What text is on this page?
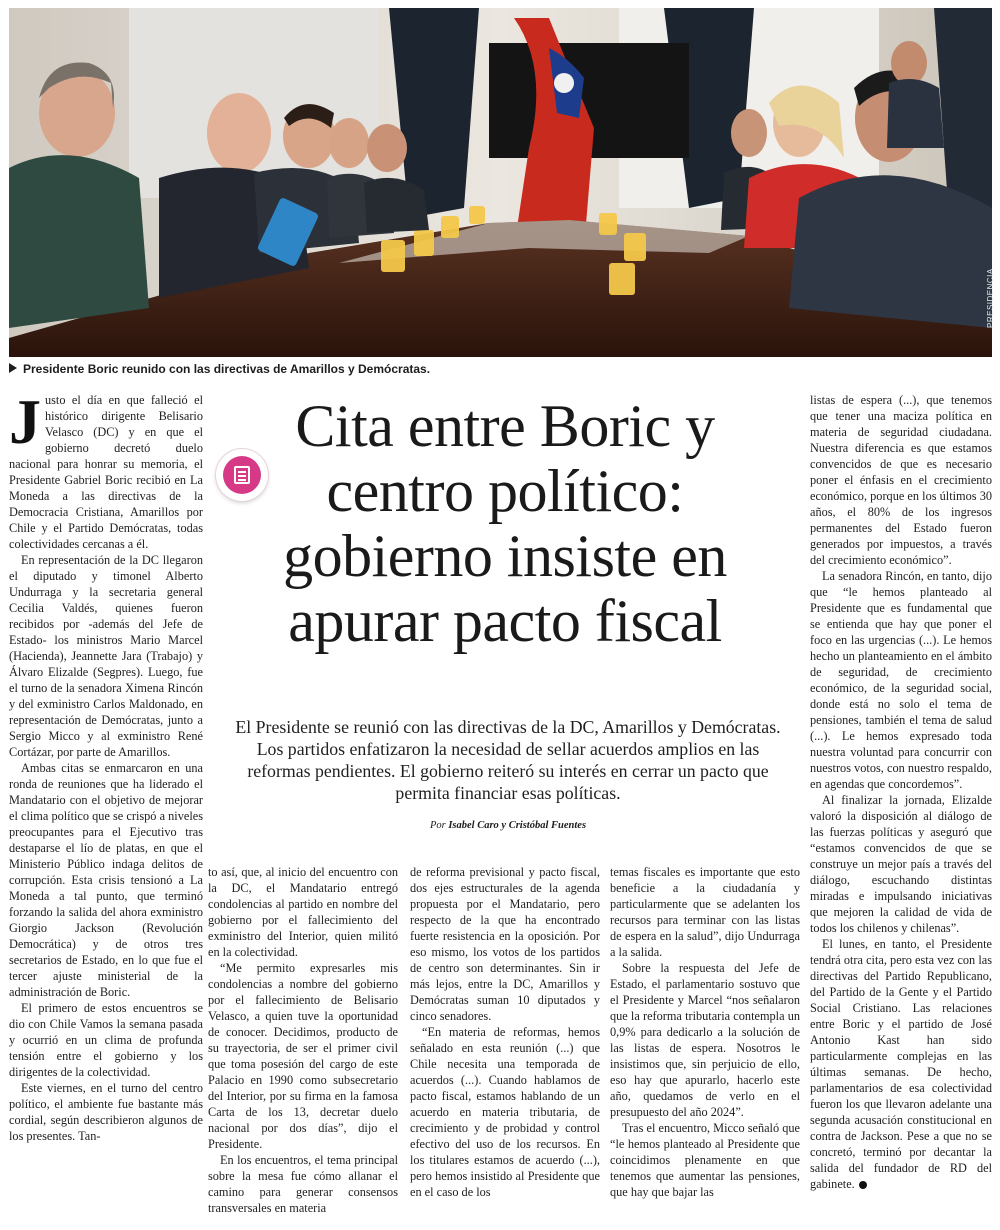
PRESIDENCIA
Presidente Boric reunido con las directivas de Amarillos y Demócratas.

Justo el día en que falleció el histórico dirigente Belisario Velasco (DC) y en que el gobierno decretó duelo nacional para honrar su memoria, el Presidente Gabriel Boric recibió en La Moneda a las directivas de la Democracia Cristiana, Amarillos por Chile y el Partido Demócratas, todas colectividades cercanas a él.

En representación de la DC llegaron el diputado y timonel Alberto Undurraga y la secretaria general Cecilia Valdés, quienes fueron recibidos por -además del Jefe de Estado- los ministros Mario Marcel (Hacienda), Jeannette Jara (Trabajo) y Álvaro Elizalde (Segpres). Luego, fue el turno de la senadora Ximena Rincón y del exministro Carlos Maldonado, en representación de Demócratas, junto a Sergio Micco y al exministro René Cortázar, por parte de Amarillos.

Ambas citas se enmarcaron en una ronda de reuniones que ha liderado el Mandatario con el objetivo de mejorar el clima político que se crispó a niveles preocupantes para el Ejecutivo tras destaparse el lío de platas, en que el Ministerio Público indaga delitos de corrupción. Esta crisis tensionó a La Moneda a tal punto, que terminó forzando la salida del ahora exministro Giorgio Jackson (Revolución Democrática) y de otros tres secretarios de Estado, en lo que fue el tercer ajuste ministerial de la administración de Boric.

El primero de estos encuentros se dio con Chile Vamos la semana pasada y ocurrió en un clima de profunda tensión entre el gobierno y los dirigentes de la colectividad.

Este viernes, en el turno del centro político, el ambiente fue bastante más cordial, según describieron algunos de los presentes. Tan-

Cita entre Boric y centro político: gobierno insiste en apurar pacto fiscal

El Presidente se reunió con las directivas de la DC, Amarillos y Demócratas. Los partidos enfatizaron la necesidad de sellar acuerdos amplios en las reformas pendientes. El gobierno reiteró su interés en cerrar un pacto que permita financiar esas políticas.

Por Isabel Caro y Cristóbal Fuentes

to así, que, al inicio del encuentro con la DC, el Mandatario entregó condolencias al partido en nombre del gobierno por el fallecimiento del exministro del Interior, quien militó en la colectividad.

“Me permito expresarles mis condolencias a nombre del gobierno por el fallecimiento de Belisario Velasco, a quien tuve la oportunidad de conocer. Decidimos, producto de su trayectoria, de ser el primer civil que toma posesión del cargo de este Palacio en 1990 como subsecretario del Interior, por su firma en la famosa Carta de los 13, decretar duelo nacional por dos días”, dijo el Presidente.

En los encuentros, el tema principal sobre la mesa fue cómo allanar el camino para generar consensos transversales en materia

de reforma previsional y pacto fiscal, dos ejes estructurales de la agenda propuesta por el Mandatario, pero respecto de la que ha encontrado fuerte resistencia en la oposición. Por eso mismo, los votos de los partidos de centro son determinantes. Sin ir más lejos, entre la DC, Amarillos y Demócratas suman 10 diputados y cinco senadores.

“En materia de reformas, hemos señalado en esta reunión (...) que Chile necesita una temporada de acuerdos (...). Cuando hablamos de pacto fiscal, estamos hablando de un acuerdo en materia tributaria, de crecimiento y de probidad y control efectivo del uso de los recursos. En los titulares estamos de acuerdo (...), pero hemos insistido al Presidente que en el caso de los

temas fiscales es importante que esto beneficie a la ciudadanía y particularmente que se adelanten los recursos para terminar con las listas de espera en la salud”, dijo Undurraga a la salida.

Sobre la respuesta del Jefe de Estado, el parlamentario sostuvo que el Presidente y Marcel “nos señalaron que la reforma tributaria contempla un 0,9% para dedicarlo a la solución de las listas de espera. Nosotros le insistimos que, sin perjuicio de ello, eso hay que apurarlo, hacerlo este año, quedamos de verlo en el presupuesto del año 2024”.

Tras el encuentro, Micco señaló que “le hemos planteado al Presidente que coincidimos plenamente en que tenemos que aumentar las pensiones, que hay que bajar las

listas de espera (...), que tenemos que tener una maciza política en materia de seguridad ciudadana. Nuestra diferencia es que estamos convencidos de que es necesario poner el énfasis en el crecimiento económico, porque en los últimos 30 años, el 80% de los ingresos permanentes del Estado fueron generados por impuestos, a través del crecimiento económico”.

La senadora Rincón, en tanto, dijo que “le hemos planteado al Presidente que es fundamental que se entienda que hay que poner el foco en las urgencias (...). Le hemos hecho un planteamiento en el ámbito de seguridad, de crecimiento económico, de la seguridad social, donde está no solo el tema de pensiones, también el tema de salud (...). Le hemos expresado toda nuestra voluntad para concurrir con nuestros votos, con nuestro respaldo, en agendas que concordemos”.

Al finalizar la jornada, Elizalde valoró la disposición al diálogo de las fuerzas políticas y aseguró que “estamos convencidos de que se construye un mejor país a través del diálogo, escuchando distintas miradas e impulsando iniciativas que mejoren la calidad de vida de todos los chilenos y chilenas”.

El lunes, en tanto, el Presidente tendrá otra cita, pero esta vez con las directivas del Partido Republicano, del Partido de la Gente y el Partido Social Cristiano. Las relaciones entre Boric y el partido de José Antonio Kast han sido particularmente complejas en las últimas semanas. De hecho, parlamentarios de esa colectividad fueron los que llevaron adelante una segunda acusación constitucional en contra de Jackson. Pese a que no se concretó, terminó por decantar la salida del fundador de RD del gabinete.
